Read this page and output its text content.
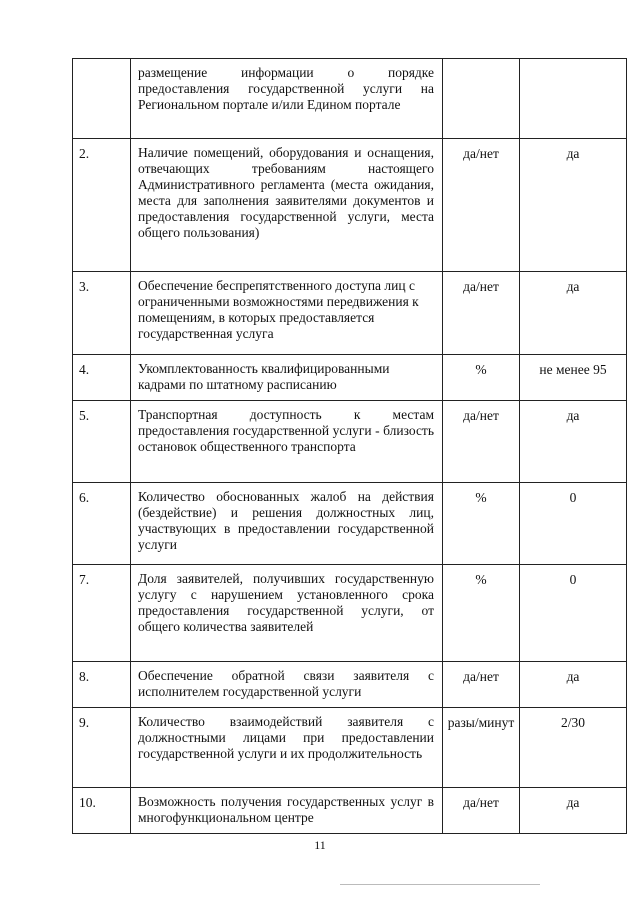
	размещение информации о порядке предоставления государственной услуги на Региональном портале и/или Едином портале		
2.	Наличие помещений, оборудования и оснащения, отвечающих требованиям настоящего Административного регламента (места ожидания, места для заполнения заявителями документов и предоставления государственной услуги, места общего пользования)	да/нет	да
3.	Обеспечение беспрепятственного доступа лиц с ограниченными возможностями передвижения к помещениям, в которых предоставляется государственная услуга	да/нет	да
4.	Укомплектованность квалифицированными кадрами по штатному расписанию	%	не менее 95
5.	Транспортная доступность к местам предоставления государственной услуги - близость остановок общественного транспорта	да/нет	да
6.	Количество обоснованных жалоб на действия (бездействие) и решения должностных лиц, участвующих в предоставлении государственной услуги	%	0
7.	Доля заявителей, получивших государственную услугу с нарушением установленного срока предоставления государственной услуги, от общего количества заявителей	%	0
8.	Обеспечение обратной связи заявителя с исполнителем государственной услуги	да/нет	да
9.	Количество взаимодействий заявителя с должностными лицами при предоставлении государственной услуги и их продолжительность	разы/минут	2/30
10.	Возможность получения государственных услуг в многофункциональном центре	да/нет	да
11
